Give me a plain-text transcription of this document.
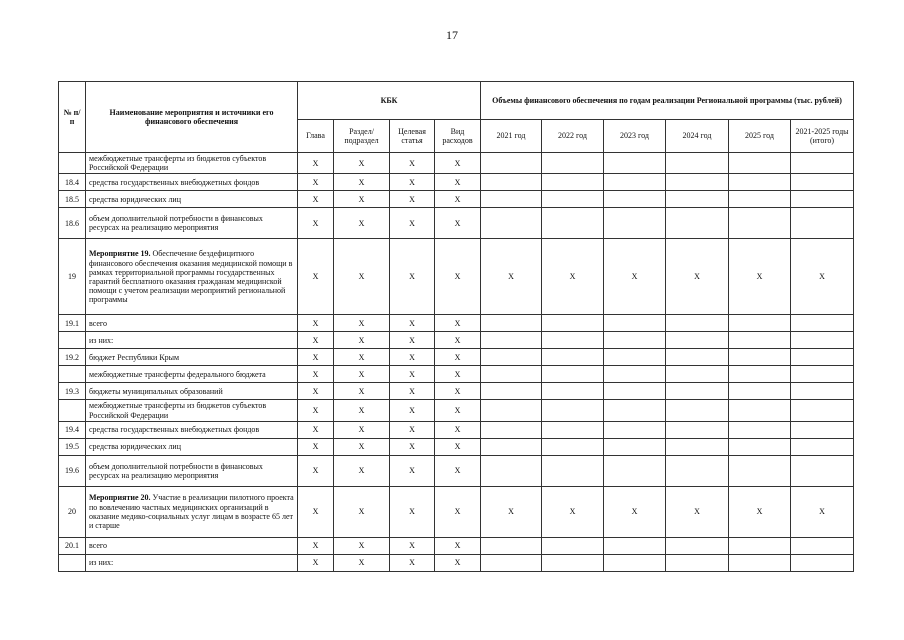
17
№ п/п	Наименование мероприятия и источники его финансового обеспечения	КБК				Объемы финансового обеспечения по годам реализации Региональной программы (тыс. рублей)					
		Глава	Раздел/ подраздел	Целевая статья	Вид расходов	2021 год	2022 год	2023 год	2024 год	2025 год	2021-2025 годы (итого)
	межбюджетные трансферты из бюджетов субъектов Российской Федерации	Х	Х	Х	Х						
18.4	средства государственных внебюджетных фондов	Х	Х	Х	Х						
18.5	средства юридических лиц	Х	Х	Х	Х						
18.6	объем дополнительной потребности в финансовых ресурсах на реализацию мероприятия	Х	Х	Х	Х						
19	Мероприятие 19. Обеспечение бездефицитного финансового обеспечения оказания медицинской помощи в рамках территориальной программы государственных гарантий бесплатного оказания гражданам медицинской помощи с учетом реализации мероприятий региональной программы	Х	Х	Х	Х	Х	Х	Х	Х	Х	Х
19.1	всего	Х	Х	Х	Х						
	из них:	Х	Х	Х	Х						
19.2	бюджет Республики Крым	Х	Х	Х	Х						
	межбюджетные трансферты федерального бюджета	Х	Х	Х	Х						
19.3	бюджеты муниципальных образований	Х	Х	Х	Х						
	межбюджетные трансферты из бюджетов субъектов Российской Федерации	Х	Х	Х	Х						
19.4	средства государственных внебюджетных фондов	Х	Х	Х	Х						
19.5	средства юридических лиц	Х	Х	Х	Х						
19.6	объем дополнительной потребности в финансовых ресурсах на реализацию мероприятия	Х	Х	Х	Х						
20	Мероприятие 20. Участие в реализации пилотного проекта по вовлечению частных медицинских организаций в оказание медико-социальных услуг лицам в возрасте 65 лет и старше	Х	Х	Х	Х	Х	Х	Х	Х	Х	Х
20.1	всего	Х	Х	Х	Х						
	из них:	Х	Х	Х	Х						
